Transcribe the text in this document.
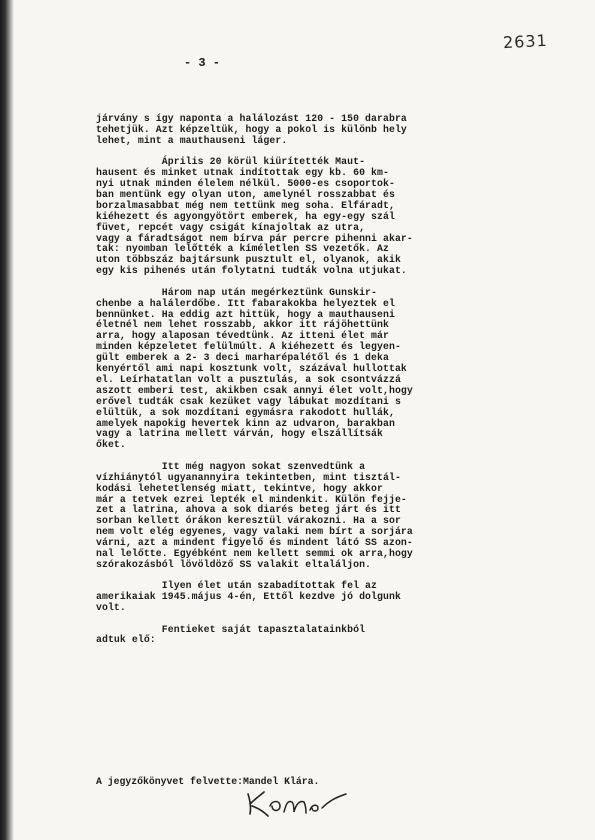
2631
- 3 -
járvány s így naponta a halálozást 120 - 150 darabra
tehetjük. Azt képzeltük, hogy a pokol is különb hely
lehet, mint a mauthauseni láger.
Április 20 körül kiürítették Maut-
hausent és minket utnak indítottak egy kb. 60 km-
nyi utnak minden élelem nélkül. 5000-es csoportok-
ban mentünk egy olyan uton, amelynél rosszabbat és
borzalmasabbat még nem tettünk meg soha. Elfáradt,
kiéhezett és agyongyötört emberek, ha egy-egy szál
füvet, repcét vagy csigát kínajoltak az utra,
vagy a fáradtságot nem bírva pár percre pihenni akar-
tak: nyomban lelőtték a kíméletlen SS vezetők. Az
uton többszáz bajtársunk pusztult el, olyanok, akik
egy kis pihenés után folytatni tudták volna utjukat.
Három nap után megérkeztünk Gunskir-
chenbe a halálerdőbe. Itt fabarakokba helyeztek el
bennünket. Ha eddig azt hittük, hogy a mauthauseni
életnél nem lehet rosszabb, akkor itt rájöhettünk
arra, hogy alaposan tévedtünk. Az itteni élet már
minden képzeletet felülmúlt. A kiéhezett és legyen-
gült emberek a 2- 3 deci marharépalétől és 1 deka
kenyértől ami napi kosztunk volt, százával hullottak
el. Leírhatatlan volt a pusztulás, a sok csontvázzá
aszott emberi test, akikben csak annyi élet volt,hogy
erővel tudták csak kezüket vagy lábukat mozdítani s
elültük, a sok mozdítani egymásra rakodott hullák,
amelyek napokig hevertek kinn az udvaron, barakban
vagy a latrina mellett várván, hogy elszállítsák
őket.
Itt még nagyon sokat szenvedtünk a
vízhiánytól ugyanannyira tekintetben, mint tisztál-
kodási lehetetlenség miatt, tekintve, hogy akkor
már a tetvek ezrei lepték el mindenkit. Külön fejje-
zet a latrina, ahova a sok diarés beteg járt és itt
sorban kellett órákon keresztül várakozni. Ha a sor
nem volt elég egyenes, vagy valaki nem bírt a sorjára
várni, azt a mindent figyelő és mindent látó SS azon-
nal lelőtte. Egyébként nem kellett semmi ok arra,hogy
szórakozásból lövöldöző SS valakit eltaláljon.
Ilyen élet után szabadítottak fel az
amerikaiak 1945.május 4-én, Ettől kezdve jó dolgunk
volt.
Fentieket saját tapasztalatainkból
adtuk elő:
A jegyzőkönyvet felvette:Mandel Klára.
